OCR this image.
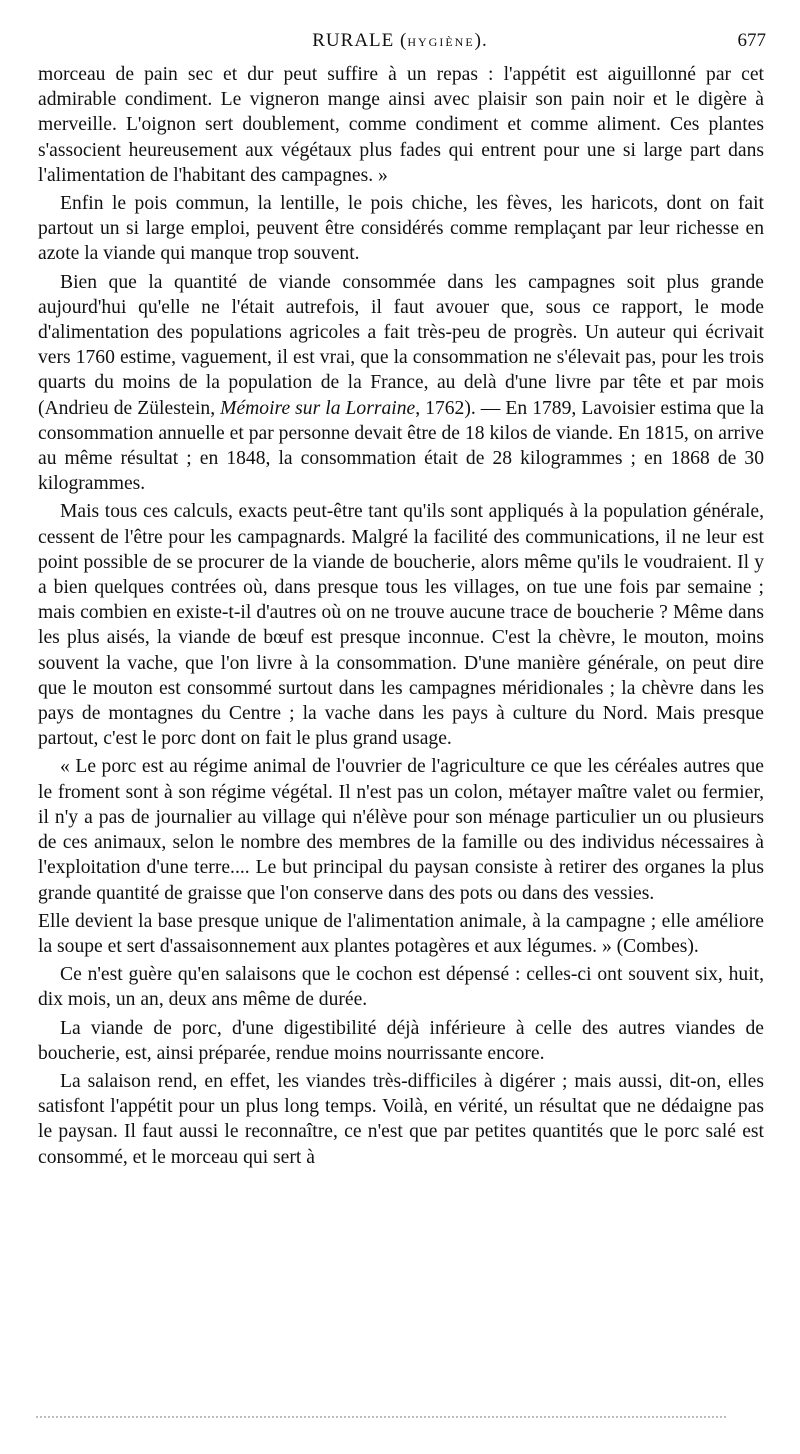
RURALE (HYGIÈNE).	677

morceau de pain sec et dur peut suffire à un repas : l'appétit est aiguillonné par cet admirable condiment. Le vigneron mange ainsi avec plaisir son pain noir et le digère à merveille. L'oignon sert doublement, comme condiment et comme aliment. Ces plantes s'associent heureusement aux végétaux plus fades qui entrent pour une si large part dans l'alimentation de l'habitant des campagnes. »

Enfin le pois commun, la lentille, le pois chiche, les fèves, les haricots, dont on fait partout un si large emploi, peuvent être considérés comme remplaçant par leur richesse en azote la viande qui manque trop souvent.

Bien que la quantité de viande consommée dans les campagnes soit plus grande aujourd'hui qu'elle ne l'était autrefois, il faut avouer que, sous ce rapport, le mode d'alimentation des populations agricoles a fait très-peu de progrès. Un auteur qui écrivait vers 1760 estime, vaguement, il est vrai, que la consommation ne s'élevait pas, pour les trois quarts du moins de la population de la France, au delà d'une livre par tête et par mois (Andrieu de Zülestein, Mémoire sur la Lorraine, 1762). — En 1789, Lavoisier estima que la consommation annuelle et par personne devait être de 18 kilos de viande. En 1815, on arrive au même résultat ; en 1848, la consommation était de 28 kilogrammes ; en 1868 de 30 kilogrammes.

Mais tous ces calculs, exacts peut-être tant qu'ils sont appliqués à la population générale, cessent de l'être pour les campagnards. Malgré la facilité des communications, il ne leur est point possible de se procurer de la viande de boucherie, alors même qu'ils le voudraient. Il y a bien quelques contrées où, dans presque tous les villages, on tue une fois par semaine ; mais combien en existe-t-il d'autres où on ne trouve aucune trace de boucherie ? Même dans les plus aisés, la viande de bœuf est presque inconnue. C'est la chèvre, le mouton, moins souvent la vache, que l'on livre à la consommation. D'une manière générale, on peut dire que le mouton est consommé surtout dans les campagnes méridionales ; la chèvre dans les pays de montagnes du Centre ; la vache dans les pays à culture du Nord. Mais presque partout, c'est le porc dont on fait le plus grand usage.

« Le porc est au régime animal de l'ouvrier de l'agriculture ce que les céréales autres que le froment sont à son régime végétal. Il n'est pas un colon, métayer maître valet ou fermier, il n'y a pas de journalier au village qui n'élève pour son ménage particulier un ou plusieurs de ces animaux, selon le nombre des membres de la famille ou des individus nécessaires à l'exploitation d'une terre.... Le but principal du paysan consiste à retirer des organes la plus grande quantité de graisse que l'on conserve dans des pots ou dans des vessies.

Elle devient la base presque unique de l'alimentation animale, à la campagne ; elle améliore la soupe et sert d'assaisonnement aux plantes potagères et aux légumes. » (Combes).

Ce n'est guère qu'en salaisons que le cochon est dépensé : celles-ci ont souvent six, huit, dix mois, un an, deux ans même de durée.

La viande de porc, d'une digestibilité déjà inférieure à celle des autres viandes de boucherie, est, ainsi préparée, rendue moins nourrissante encore.

La salaison rend, en effet, les viandes très-difficiles à digérer ; mais aussi, dit-on, elles satisfont l'appétit pour un plus long temps. Voilà, en vérité, un résultat que ne dédaigne pas le paysan. Il faut aussi le reconnaître, ce n'est que par petites quantités que le porc salé est consommé, et le morceau qui sert à
